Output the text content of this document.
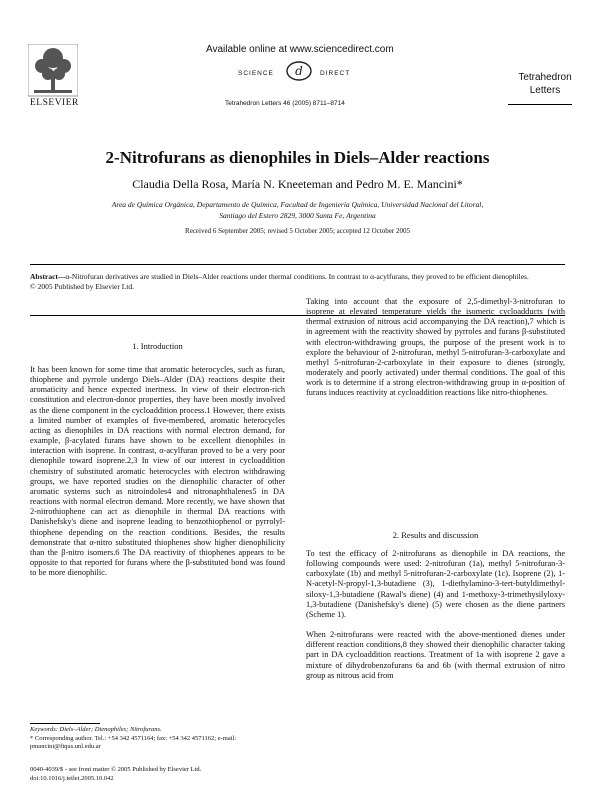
ELSEVIER
Available online at www.sciencedirect.com
SCIENCE d	DIRECT
Tetrahedron Letters 46 (2005) 8711–8714
Tetrahedron
Letters
2-Nitrofurans as dienophiles in Diels–Alder reactions
Claudia Della Rosa, María N. Kneeteman and Pedro M. E. Mancini*
Area de Química Orgánica, Departamento de Química, Facultad de Ingeniería Química, Universidad Nacional del Litoral,
Santiago del Estero 2829, 3000 Santa Fe, Argentina
Received 6 September 2005; revised 5 October 2005; accepted 12 October 2005
Abstract—α-Nitrofuran derivatives are studied in Diels–Alder reactions under thermal conditions. In contrast to α-acylfurans, they proved to be efficient dienophiles.
© 2005 Published by Elsevier Ltd.
1. Introduction

It has been known for some time that aromatic heterocycles, such as furan, thiophene and pyrrole undergo Diels–Alder (DA) reactions despite their aromaticity and hence expected inertness. In view of their electron-rich constitution and electron-donor properties, they have been mostly involved as the diene component in the cycloaddition process.1 However, there exists a limited number of examples of five-membered, aromatic heterocycles acting as dienophiles in DA reactions with normal electron demand, for example, β-acylated furans have shown to be excellent dienophiles in interaction with isoprene. In contrast, α-acylfuran proved to be a very poor dienophile toward isoprene.2,3 In view of our interest in cycloaddition chemistry of substituted aromatic heterocycles with electron withdrawing groups, we have reported studies on the dienophilic character of other aromatic systems such as nitroindoles4 and nitronaphthalenes5 in DA reactions with normal electron demand. More recently, we have shown that 2-nitrothiophene can act as dienophile in thermal DA reactions with Danishefsky's diene and isoprene leading to benzothiophenol or pyrrolyl-thiophene depending on the reaction conditions. Besides, the results demonstrate that α-nitro substituted thiophenes show higher dienophilicity than the β-nitro isomers.6 The DA reactivity of thiophenes appears to be opposite to that reported for furans where the β-substituted bond was found to be more dienophilic.

Taking into account that the exposure of 2,5-dimethyl-3-nitrofuran to isoprene at elevated temperature yields the isomeric cycloadducts (with thermal extrusion of nitrous acid accompanying the DA reaction),7 which is in agreement with the reactivity showed by pyrroles and furans β-substituted with electron-withdrawing groups, the purpose of the present work is to explore the behaviour of 2-nitrofuran, methyl 5-nitrofuran-3-carboxylate and methyl 5-nitrofuran-2-carboxylate in their exposure to dienes (strongly, moderately and poorly activated) under thermal conditions. The goal of this work is to determine if a strong electron-withdrawing group in α-position of furans induces reactivity at cycloaddition reactions like nitro-thiophenes.

2. Results and discussion

To test the efficacy of 2-nitrofurans as dienophile in DA reactions, the following compounds were used: 2-nitrofuran (1a), methyl 5-nitrofuran-3-carboxylate (1b) and methyl 5-nitrofuran-2-carboxylate (1c). Isoprene (2), 1-N-acetyl-N-propyl-1,3-butadiene (3), 1-diethylamino-3-tert-butyldimethyl-siloxy-1,3-butadiene (Rawal's diene) (4) and 1-methoxy-3-trimethysilyloxy-1,3-butadiene (Danishefsky's diene) (5) were chosen as the diene partners (Scheme 1).

When 2-nitrofurans were reacted with the above-mentioned dienes under different reaction conditions,8 they showed their dienophilic character taking part in DA cycloaddition reactions. Treatment of 1a with isoprene 2 gave a mixture of dihydrobenzofurans 6a and 6b (with thermal extrusion of nitro group as nitrous acid from

Keywords: Diels–Alder; Dienophiles; Nitrofurans.
* Corresponding author. Tel.: +54 342 4571164; fax: +54 342 4571162; e-mail: pmancini@fiqus.unl.edu.ar
0040-4039/$ - see front matter © 2005 Published by Elsevier Ltd.
doi:10.1016/j.tetlet.2005.10.042
